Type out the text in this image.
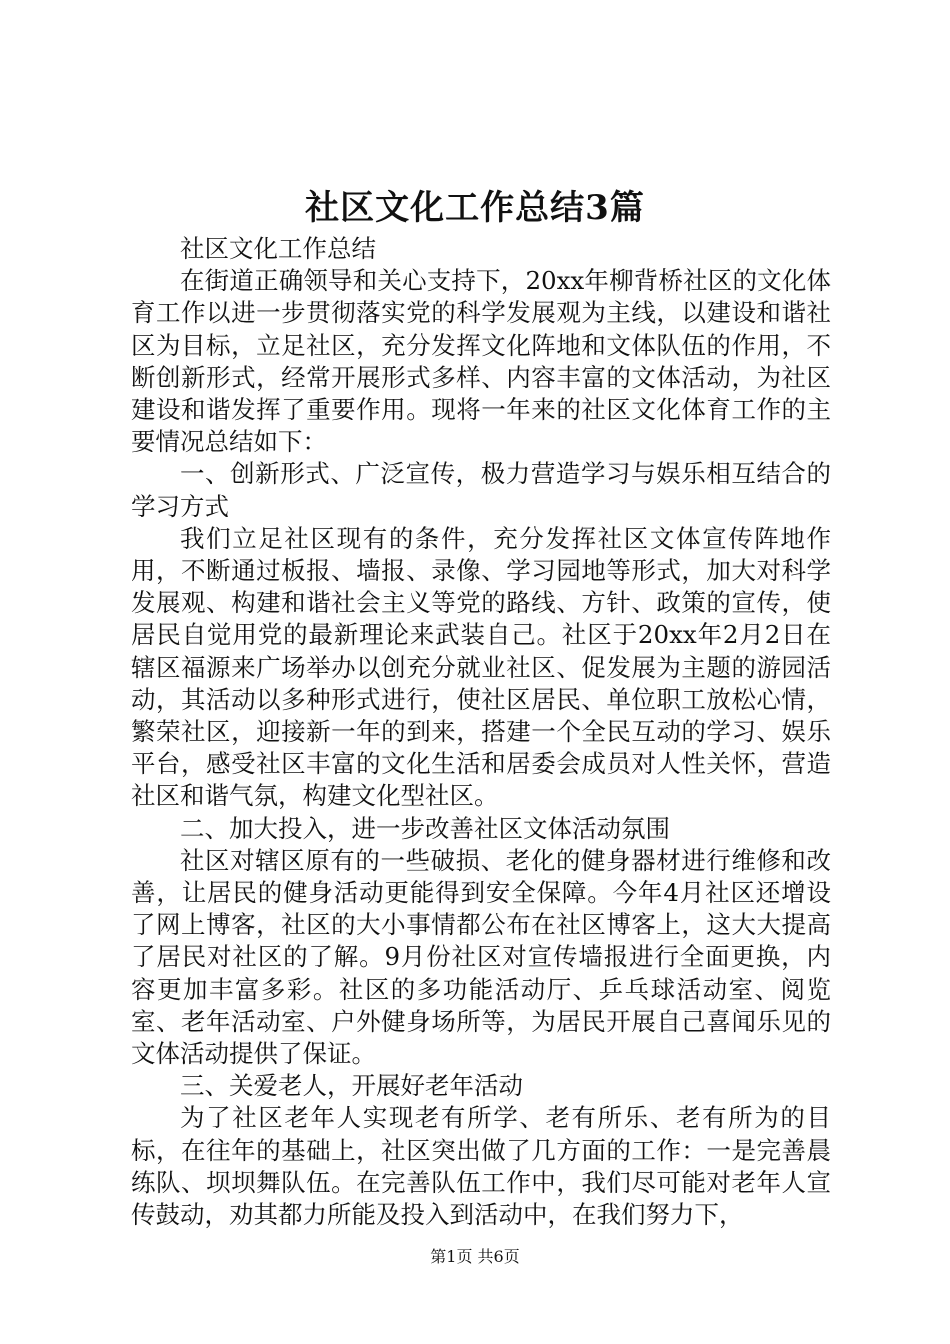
社区文化工作总结3篇

社区文化工作总结

在街道正确领导和关心支持下，20xx年柳背桥社区的文化体育工作以进一步贯彻落实党的科学发展观为主线，以建设和谐社区为目标，立足社区，充分发挥文化阵地和文体队伍的作用，不断创新形式，经常开展形式多样、内容丰富的文体活动，为社区建设和谐发挥了重要作用。现将一年来的社区文化体育工作的主要情况总结如下：

一、创新形式、广泛宣传，极力营造学习与娱乐相互结合的学习方式

我们立足社区现有的条件，充分发挥社区文体宣传阵地作用，不断通过板报、墙报、录像、学习园地等形式，加大对科学发展观、构建和谐社会主义等党的路线、方针、政策的宣传，使居民自觉用党的最新理论来武装自己。社区于20xx年2月2日在辖区福源来广场举办以创充分就业社区、促发展为主题的游园活动，其活动以多种形式进行，使社区居民、单位职工放松心情，繁荣社区，迎接新一年的到来，搭建一个全民互动的学习、娱乐平台，感受社区丰富的文化生活和居委会成员对人性关怀，营造社区和谐气氛，构建文化型社区。

二、加大投入，进一步改善社区文体活动氛围

社区对辖区原有的一些破损、老化的健身器材进行维修和改善，让居民的健身活动更能得到安全保障。今年4月社区还增设了网上博客，社区的大小事情都公布在社区博客上，这大大提高了居民对社区的了解。9月份社区对宣传墙报进行全面更换，内容更加丰富多彩。社区的多功能活动厅、乒乓球活动室、阅览室、老年活动室、户外健身场所等，为居民开展自己喜闻乐见的文体活动提供了保证。

三、关爱老人，开展好老年活动

为了社区老年人实现老有所学、老有所乐、老有所为的目标，在往年的基础上，社区突出做了几方面的工作：一是完善晨练队、坝坝舞队伍。在完善队伍工作中，我们尽可能对老年人宣传鼓动，劝其都力所能及投入到活动中，在我们努力下，

第1页 共6页
